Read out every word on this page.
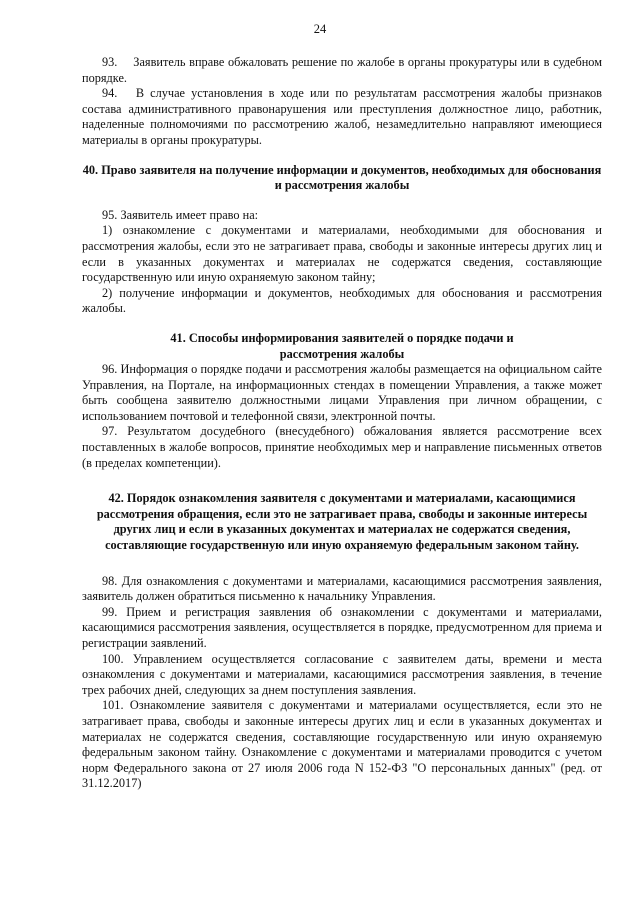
24

93.  Заявитель вправе обжаловать решение по жалобе в органы прокуратуры или в судебном порядке.

94.  В случае установления в ходе или по результатам рассмотрения жалобы признаков состава административного правонарушения или преступления должностное лицо, работник, наделенные полномочиями по рассмотрению жалоб, незамедлительно направляют имеющиеся материалы в органы прокуратуры.

40. Право заявителя на получение информации и документов, необходимых для обоснования и рассмотрения жалобы

95. Заявитель имеет право на:

1) ознакомление с документами и материалами, необходимыми для обоснования и рассмотрения жалобы, если это не затрагивает права, свободы и законные интересы других лиц и если в указанных документах и материалах не содержатся сведения, составляющие государственную или иную охраняемую законом тайну;

2) получение информации и документов, необходимых для обоснования и рассмотрения жалобы.

41. Способы информирования заявителей о порядке подачи и рассмотрения жалобы

96. Информация о порядке подачи и рассмотрения жалобы размещается на официальном сайте Управления, на Портале, на информационных стендах в помещении Управления, а также может быть сообщена заявителю должностными лицами Управления при личном обращении, с использованием почтовой и телефонной связи, электронной почты.

97. Результатом досудебного (внесудебного) обжалования является рассмотрение всех поставленных в жалобе вопросов, принятие необходимых мер и направление письменных ответов (в пределах компетенции).

42. Порядок ознакомления заявителя с документами и материалами, касающимися рассмотрения обращения, если это не затрагивает права, свободы и законные интересы других лиц и если в указанных документах и материалах не содержатся сведения, составляющие государственную или иную охраняемую федеральным законом тайну.

98. Для ознакомления с документами и материалами, касающимися рассмотрения заявления, заявитель должен обратиться письменно к начальнику Управления.

99. Прием и регистрация заявления об ознакомлении с документами и материалами, касающимися рассмотрения заявления, осуществляется в порядке, предусмотренном для приема и регистрации заявлений.

100. Управлением осуществляется согласование с заявителем даты, времени и места ознакомления с документами и материалами, касающимися рассмотрения заявления, в течение трех рабочих дней, следующих за днем поступления заявления.

101. Ознакомление заявителя с документами и материалами осуществляется, если это не затрагивает права, свободы и законные интересы других лиц и если в указанных документах и материалах не содержатся сведения, составляющие государственную или иную охраняемую федеральным законом тайну. Ознакомление с документами и материалами проводится с учетом норм Федерального закона от 27 июля 2006 года N 152-ФЗ "О персональных данных" (ред. от 31.12.2017)
